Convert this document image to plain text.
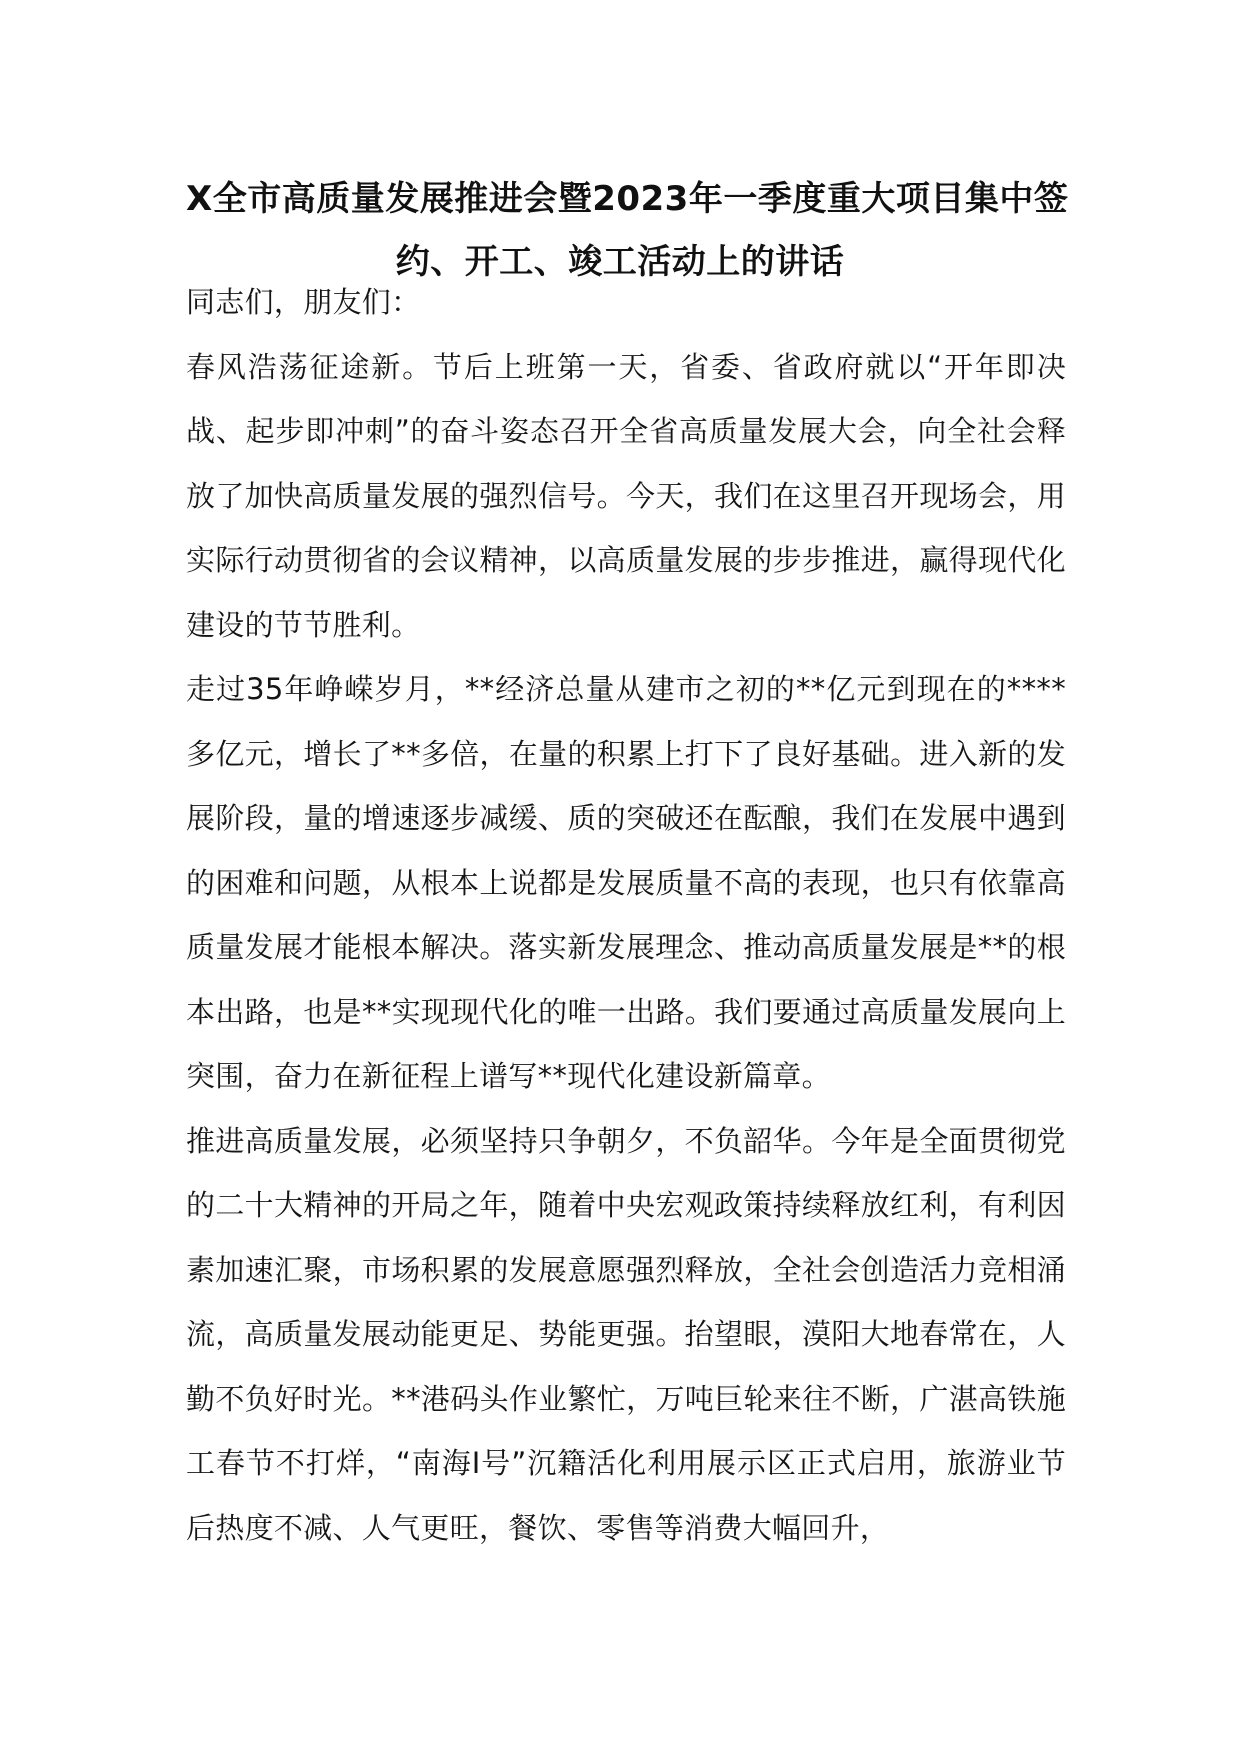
X全市高质量发展推进会暨2023年一季度重大项目集中签
约、开工、竣工活动上的讲话

同志们，朋友们：

春风浩荡征途新。节后上班第一天，省委、省政府就以“开年即决战、起步即冲刺”的奋斗姿态召开全省高质量发展大会，向全社会释放了加快高质量发展的强烈信号。今天，我们在这里召开现场会，用实际行动贯彻省的会议精神，以高质量发展的步步推进，赢得现代化建设的节节胜利。

走过35年峥嵘岁月，**经济总量从建市之初的**亿元到现在的****多亿元，增长了**多倍，在量的积累上打下了良好基础。进入新的发展阶段，量的增速逐步减缓、质的突破还在酝酿，我们在发展中遇到的困难和问题，从根本上说都是发展质量不高的表现，也只有依靠高质量发展才能根本解决。落实新发展理念、推动高质量发展是**的根本出路，也是**实现现代化的唯一出路。我们要通过高质量发展向上突围，奋力在新征程上谱写**现代化建设新篇章。

推进高质量发展，必须坚持只争朝夕，不负韶华。今年是全面贯彻党的二十大精神的开局之年，随着中央宏观政策持续释放红利，有利因素加速汇聚，市场积累的发展意愿强烈释放，全社会创造活力竞相涌流，高质量发展动能更足、势能更强。抬望眼，漠阳大地春常在，人勤不负好时光。**港码头作业繁忙，万吨巨轮来往不断，广湛高铁施工春节不打烊，“南海Ⅰ号”沉籍活化利用展示区正式启用，旅游业节后热度不减、人气更旺，餐饮、零售等消费大幅回升，
